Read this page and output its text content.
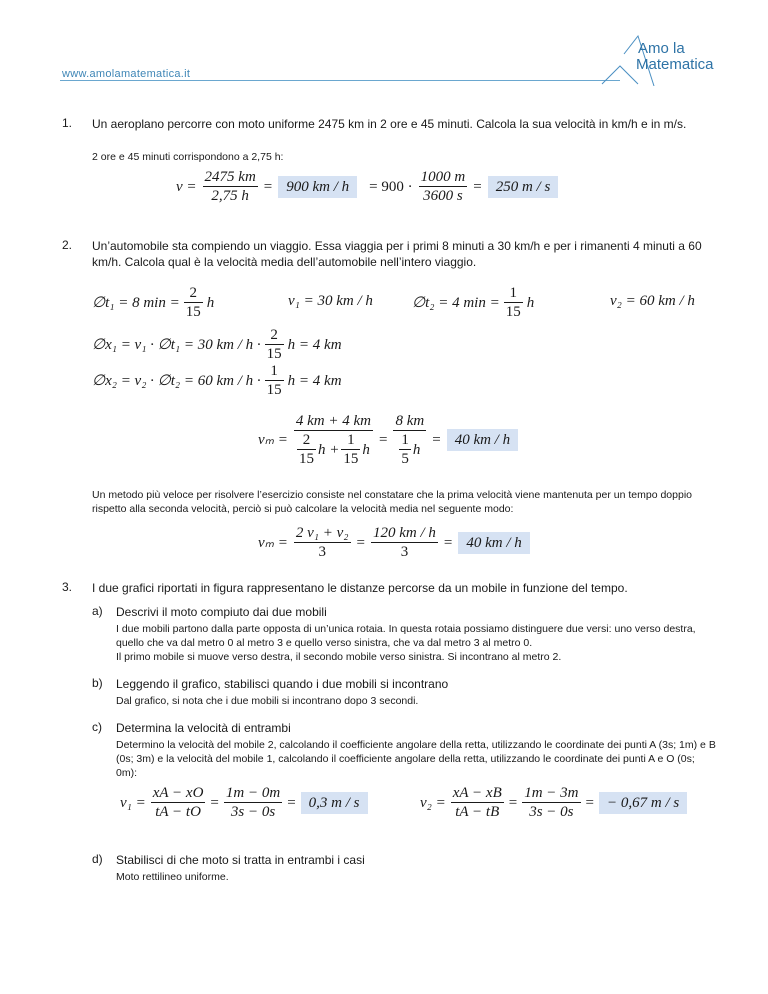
www.amolamatematica.it
Amo la
Matematica
1. Un aeroplano percorre con moto uniforme 2475 km in 2 ore e 45 minuti. Calcola la sua velocità in km/h e in m/s.
2 ore e 45 minuti corrispondono a 2,75 h:
$v = \frac{2475 km}{2,75 h} = 900$ km / h	= $900 \cdot \frac{1000 m}{3600 s} = 250$ m / s
2. Un’automobile sta compiendo un viaggio. Essa viaggia per i primi 8 minuti a 30 km/h e per i rimanenti 4 minuti a 60 km/h. Calcola qual è la velocità media dell’automobile nell’intero viaggio.
∅t₁ = 8 $\min = \frac{2}{15}$ h	v₁ = 30 km / h	∅t₂ = 4 $\min = \frac{1}{15}$ h	v₂ = 60 km / h
∅x₁ = v₁ · ∅t₁ = 30 km / $h \cdot \frac{2}{15}$ h = 4 km
∅x₂ = v₂ · ∅t₂ = 60 km / $h \cdot \frac{1}{15}$ h = 4 km
vₘ =
4 km + 4 km
$\frac{2}{15}$ $h + \frac{1}{15}$ h
= $\frac{8 km}{\frac{1}{5} h} = 40$ km / h
Un metodo più veloce per risolvere l’esercizio consiste nel constatare che la prima velocità viene mantenuta per un tempo doppio rispetto alla seconda velocità, perciò si può calcolare la velocità media nel seguente modo:
$v_m = \frac{\text{2 v₁ + v₂}}{3} = \frac{120 km / h}{3} = 40$ km / h
3. I due grafici riportati in figura rappresentano le distanze percorse da un mobile in funzione del tempo.
a) Descrivi il moto compiuto dai due mobili
I due mobili partono dalla parte opposta di un’unica rotaia. In questa rotaia possiamo distinguere due versi: uno verso destra, quello che va dal metro 0 al metro 3 e quello verso sinistra, che va dal metro 3 al metro 0.
Il primo mobile si muove verso destra, il secondo mobile verso sinistra. Si incontrano al metro 2.
b) Leggendo il grafico, stabilisci quando i due mobili si incontrano
Dal grafico, si nota che i due mobili si incontrano dopo 3 secondi.
c) Determina la velocità di entrambi
Determino la velocità del mobile 2, calcolando il coefficiente angolare della retta, utilizzando le coordinate dei punti A (3s; 1m) e B (0s; 3m) e la velocità del mobile 1, calcolando il coefficiente angolare della retta, utilizzando le coordinate dei punti A e O (0s; 0m):
$v_1 = \frac{xA - xO}{tA - tO} = \frac{1m - 0m}{3s - 0s} = 0,3$ m / s	$v_2 = \frac{xA - xB}{tA - tB} = \frac{1m - 3m}{3s - 0s}$ = − 0,67 m / s
d) Stabilisci di che moto si tratta in entrambi i casi
Moto rettilineo uniforme.
